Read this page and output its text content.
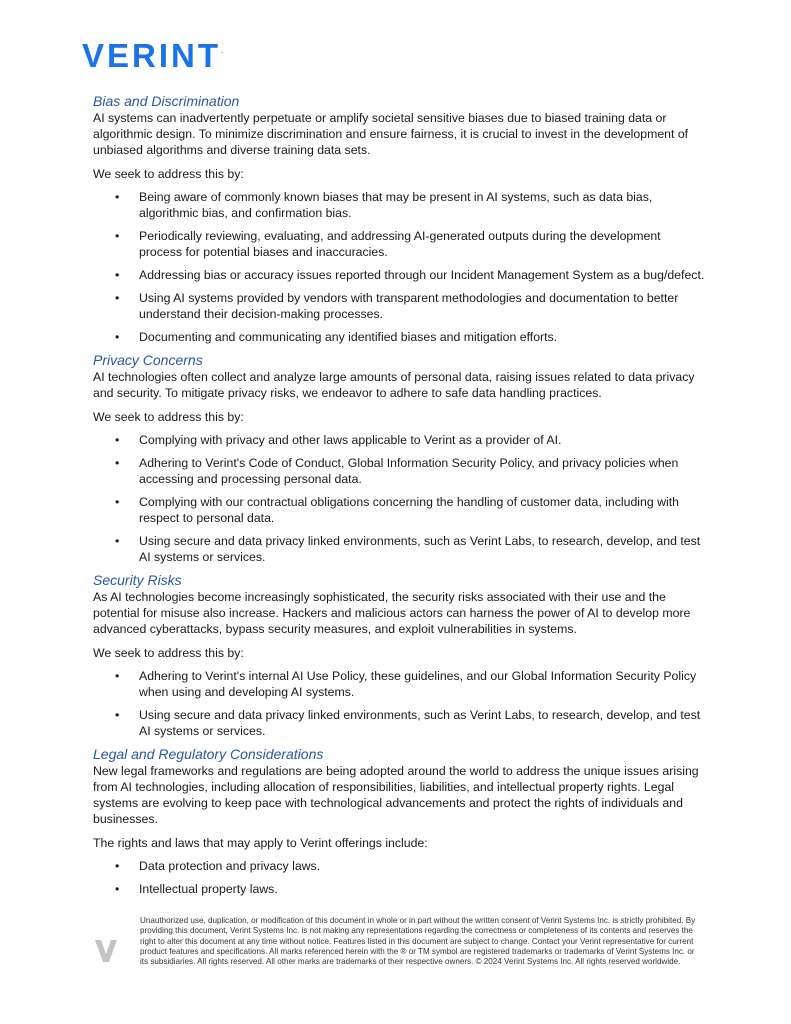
VERINT.
Bias and Discrimination

AI systems can inadvertently perpetuate or amplify societal sensitive biases due to biased training data or algorithmic design. To minimize discrimination and ensure fairness, it is crucial to invest in the development of unbiased algorithms and diverse training data sets.

We seek to address this by:

• Being aware of commonly known biases that may be present in AI systems, such as data bias, algorithmic bias, and confirmation bias.
• Periodically reviewing, evaluating, and addressing AI-generated outputs during the development process for potential biases and inaccuracies.
• Addressing bias or accuracy issues reported through our Incident Management System as a bug/defect.
• Using AI systems provided by vendors with transparent methodologies and documentation to better understand their decision-making processes.
• Documenting and communicating any identified biases and mitigation efforts.
Privacy Concerns

AI technologies often collect and analyze large amounts of personal data, raising issues related to data privacy and security. To mitigate privacy risks, we endeavor to adhere to safe data handling practices.

We seek to address this by:

• Complying with privacy and other laws applicable to Verint as a provider of AI.
• Adhering to Verint's Code of Conduct, Global Information Security Policy, and privacy policies when accessing and processing personal data.
• Complying with our contractual obligations concerning the handling of customer data, including with respect to personal data.
• Using secure and data privacy linked environments, such as Verint Labs, to research, develop, and test AI systems or services.
Security Risks

As AI technologies become increasingly sophisticated, the security risks associated with their use and the potential for misuse also increase. Hackers and malicious actors can harness the power of AI to develop more advanced cyberattacks, bypass security measures, and exploit vulnerabilities in systems.

We seek to address this by:

• Adhering to Verint's internal AI Use Policy, these guidelines, and our Global Information Security Policy when using and developing AI systems.
• Using secure and data privacy linked environments, such as Verint Labs, to research, develop, and test AI systems or services.
Legal and Regulatory Considerations

New legal frameworks and regulations are being adopted around the world to address the unique issues arising from AI technologies, including allocation of responsibilities, liabilities, and intellectual property rights. Legal systems are evolving to keep pace with technological advancements and protect the rights of individuals and businesses.

The rights and laws that may apply to Verint offerings include:

• Data protection and privacy laws.
• Intellectual property laws.
Unauthorized use, duplication, or modification of this document in whole or in part without the written consent of Verint Systems Inc. is strictly prohibited. By providing this document, Verint Systems Inc. is not making any representations regarding the correctness or completeness of its contents and reserves the right to alter this document at any time without notice. Features listed in this document are subject to change. Contact your Verint representative for current product features and specifications. All marks referenced herein with the ® or TM symbol are registered trademarks or trademarks of Verint Systems Inc. or its subsidiaries. All rights reserved. All other marks are trademarks of their respective owners. © 2024 Verint Systems Inc. All rights reserved worldwide.
